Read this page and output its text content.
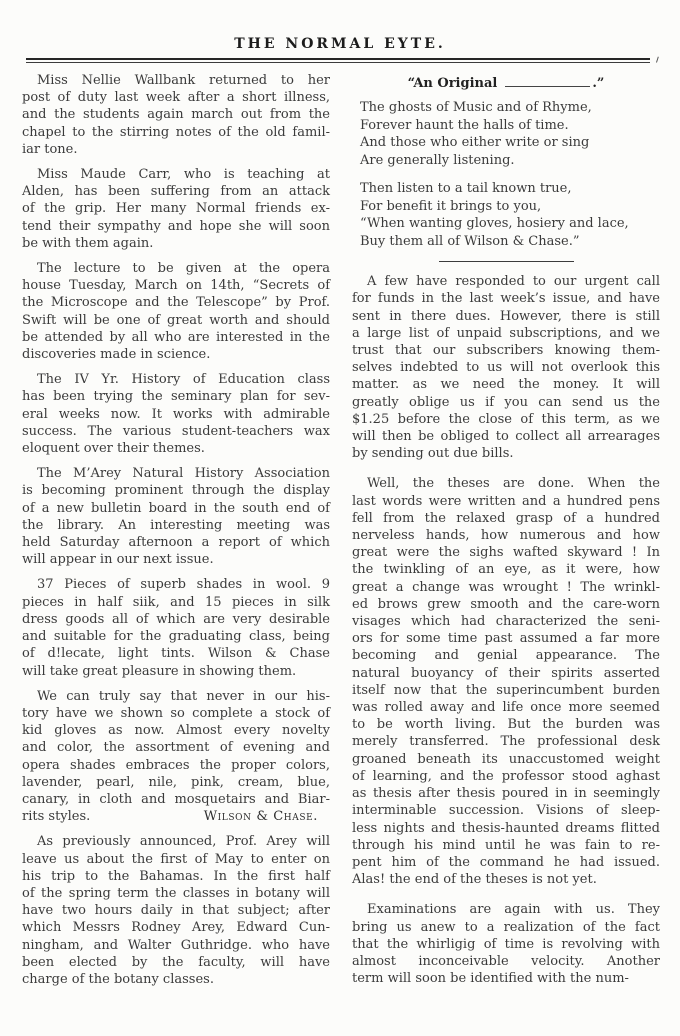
THE NORMAL EYTE.
Miss Nellie Wallbank returned to her
post of duty last week after a short illness,
and the students again march out from the
chapel to the stirring notes of the old famil-
iar tone.
Miss Maude Carr, who is teaching at
Alden, has been suffering from an attack
of the grip. Her many Normal friends ex-
tend their sympathy and hope she will soon
be with them again.
The lecture to be given at the opera
house Tuesday, March on 14th, “Secrets of
the Microscope and the Telescope” by Prof.
Swift will be one of great worth and should
be attended by all who are interested in the
discoveries made in science.
The IV Yr. History of Education class
has been trying the seminary plan for sev-
eral weeks now. It works with admirable
success. The various student-teachers wax
eloquent over their themes.
The M’Arey Natural History Association
is becoming prominent through the display
of a new bulletin board in the south end of
the library. An interesting meeting was
held Saturday afternoon a report of which
will appear in our next issue.
37 Pieces of superb shades in wool. 9
pieces in half siik, and 15 pieces in silk
dress goods all of which are very desirable
and suitable for the graduating class, being
of d!lecate, light tints. Wilson & Chase
will take great pleasure in showing them.
We can truly say that never in our his-
tory have we shown so complete a stock of
kid gloves as now. Almost every novelty
and color, the assortment of evening and
opera shades embraces the proper colors,
lavender, pearl, nile, pink, cream, blue,
canary, in cloth and mosquetairs and Biar-
rits styles.	Wilson & Chase.
As previously announced, Prof. Arey will
leave us about the first of May to enter on
his trip to the Bahamas. In the first half
of the spring term the classes in botany will
have two hours daily in that subject; after
which Messrs Rodney Arey, Edward Cun-
ningham, and Walter Guthridge. who have
been elected by the faculty, will have
charge of the botany classes.
“An Original	.”
The ghosts of Music and of Rhyme,
Forever haunt the halls of time.
And those who either write or sing
Are generally listening.
Then listen to a tail known true,
For benefit it brings to you,
“When wanting gloves, hosiery and lace,
Buy them all of Wilson & Chase.”
A few have responded to our urgent call
for funds in the last week’s issue, and have
sent in there dues. However, there is still
a large list of unpaid subscriptions, and we
trust that our subscribers knowing them-
selves indebted to us will not overlook this
matter. as we need the money. It will
greatly oblige us if you can send us the
$1.25 before the close of this term, as we
will then be obliged to collect all arrearages
by sending out due bills.
Well, the theses are done. When the
last words were written and a hundred pens
fell from the relaxed grasp of a hundred
nerveless hands, how numerous and how
great were the sighs wafted skyward ! In
the twinkling of an eye, as it were, how
great a change was wrought ! The wrinkl-
ed brows grew smooth and the care-worn
visages which had characterized the seni-
ors for some time past assumed a far more
becoming and genial appearance. The
natural buoyancy of their spirits asserted
itself now that the superincumbent burden
was rolled away and life once more seemed
to be worth living. But the burden was
merely transferred. The professional desk
groaned beneath its unaccustomed weight
of learning, and the professor stood aghast
as thesis after thesis poured in in seemingly
interminable succession. Visions of sleep-
less nights and thesis-haunted dreams flitted
through his mind until he was fain to re-
pent him of the command he had issued.
Alas! the end of the theses is not yet.
Examinations are again with us. They
bring us anew to a realization of the fact
that the whirligig of time is revolving with
almost inconceivable velocity. Another
term will soon be identified with the num-
